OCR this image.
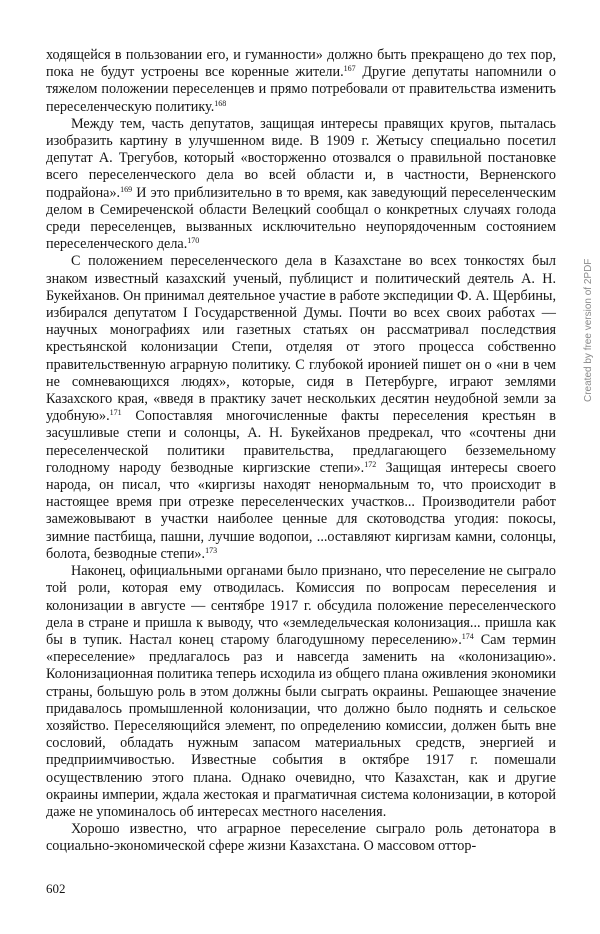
ходящейся в пользовании его, и гуманности» должно быть прекращено до тех пор, пока не будут устроены все коренные жители.$^{167}$ Другие депутаты напомнили о тяжелом положении переселенцев и прямо потребовали от правительства изменить переселенческую политику.$^{168}$

Между тем, часть депутатов, защищая интересы правящих кругов, пыталась изобразить картину в улучшенном виде. В 1909 г. Жетысу специально посетил депутат А. Трегубов, который «восторженно отозвался о правильной постановке всего переселенческого дела во всей области и, в частности, Верненского подрайона».$^{169}$ И это приблизительно в то время, как заведующий переселенческим делом в Семиреченской области Велецкий сообщал о конкретных случаях голода среди переселенцев, вызванных исключительно неупорядоченным состоянием переселенческого дела.$^{170}$

С положением переселенческого дела в Казахстане во всех тонкостях был знаком известный казахский ученый, публицист и политический деятель А. Н. Букейханов. Он принимал деятельное участие в работе экспедиции Ф. А. Щербины, избирался депутатом I Государственной Думы. Почти во всех своих работах — научных монографиях или газетных статьях он рассматривал последствия крестьянской колонизации Степи, отделяя от этого процесса собственно правительственную аграрную политику. С глубокой иронией пишет он о «ни в чем не сомневающихся людях», которые, сидя в Петербурге, играют землями Казахского края, «введя в практику зачет нескольких десятин неудобной земли за удобную».$^{171}$ Сопоставляя многочисленные факты переселения крестьян в засушливые степи и солонцы, А. Н. Букейханов предрекал, что «сочтены дни переселенческой политики правительства, предлагающего безземельному голодному народу безводные киргизские степи».$^{172}$ Защищая интересы своего народа, он писал, что «киргизы находят ненормальным то, что происходит в настоящее время при отрезке переселенческих участков... Производители работ замежовывают в участки наиболее ценные для скотоводства угодия: покосы, зимние пастбища, пашни, лучшие водопои, ...оставляют киргизам камни, солонцы, болота, безводные степи».$^{173}$

Наконец, официальными органами было признано, что переселение не сыграло той роли, которая ему отводилась. Комиссия по вопросам переселения и колонизации в августе — сентябре 1917 г. обсудила положение переселенческого дела в стране и пришла к выводу, что «земледельческая колонизация... пришла как бы в тупик. Настал конец старому благодушному переселению».$^{174}$ Сам термин «переселение» предлагалось раз и навсегда заменить на «колонизацию». Колонизационная политика теперь исходила из общего плана оживления экономики страны, большую роль в этом должны были сыграть окраины. Решающее значение придавалось промышленной колонизации, что должно было поднять и сельское хозяйство. Переселяющийся элемент, по определению комиссии, должен быть вне сословий, обладать нужным запасом материальных средств, энергией и предприимчивостью. Известные события в октябре 1917 г. помешали осуществлению этого плана. Однако очевидно, что Казахстан, как и другие окраины империи, ждала жестокая и прагматичная система колонизации, в которой даже не упоминалось об интересах местного населения.

Хорошо известно, что аграрное переселение сыграло роль детонатора в социально-экономической сфере жизни Казахстана. О массовом оттор-

602
Created by free version of 2PDF
